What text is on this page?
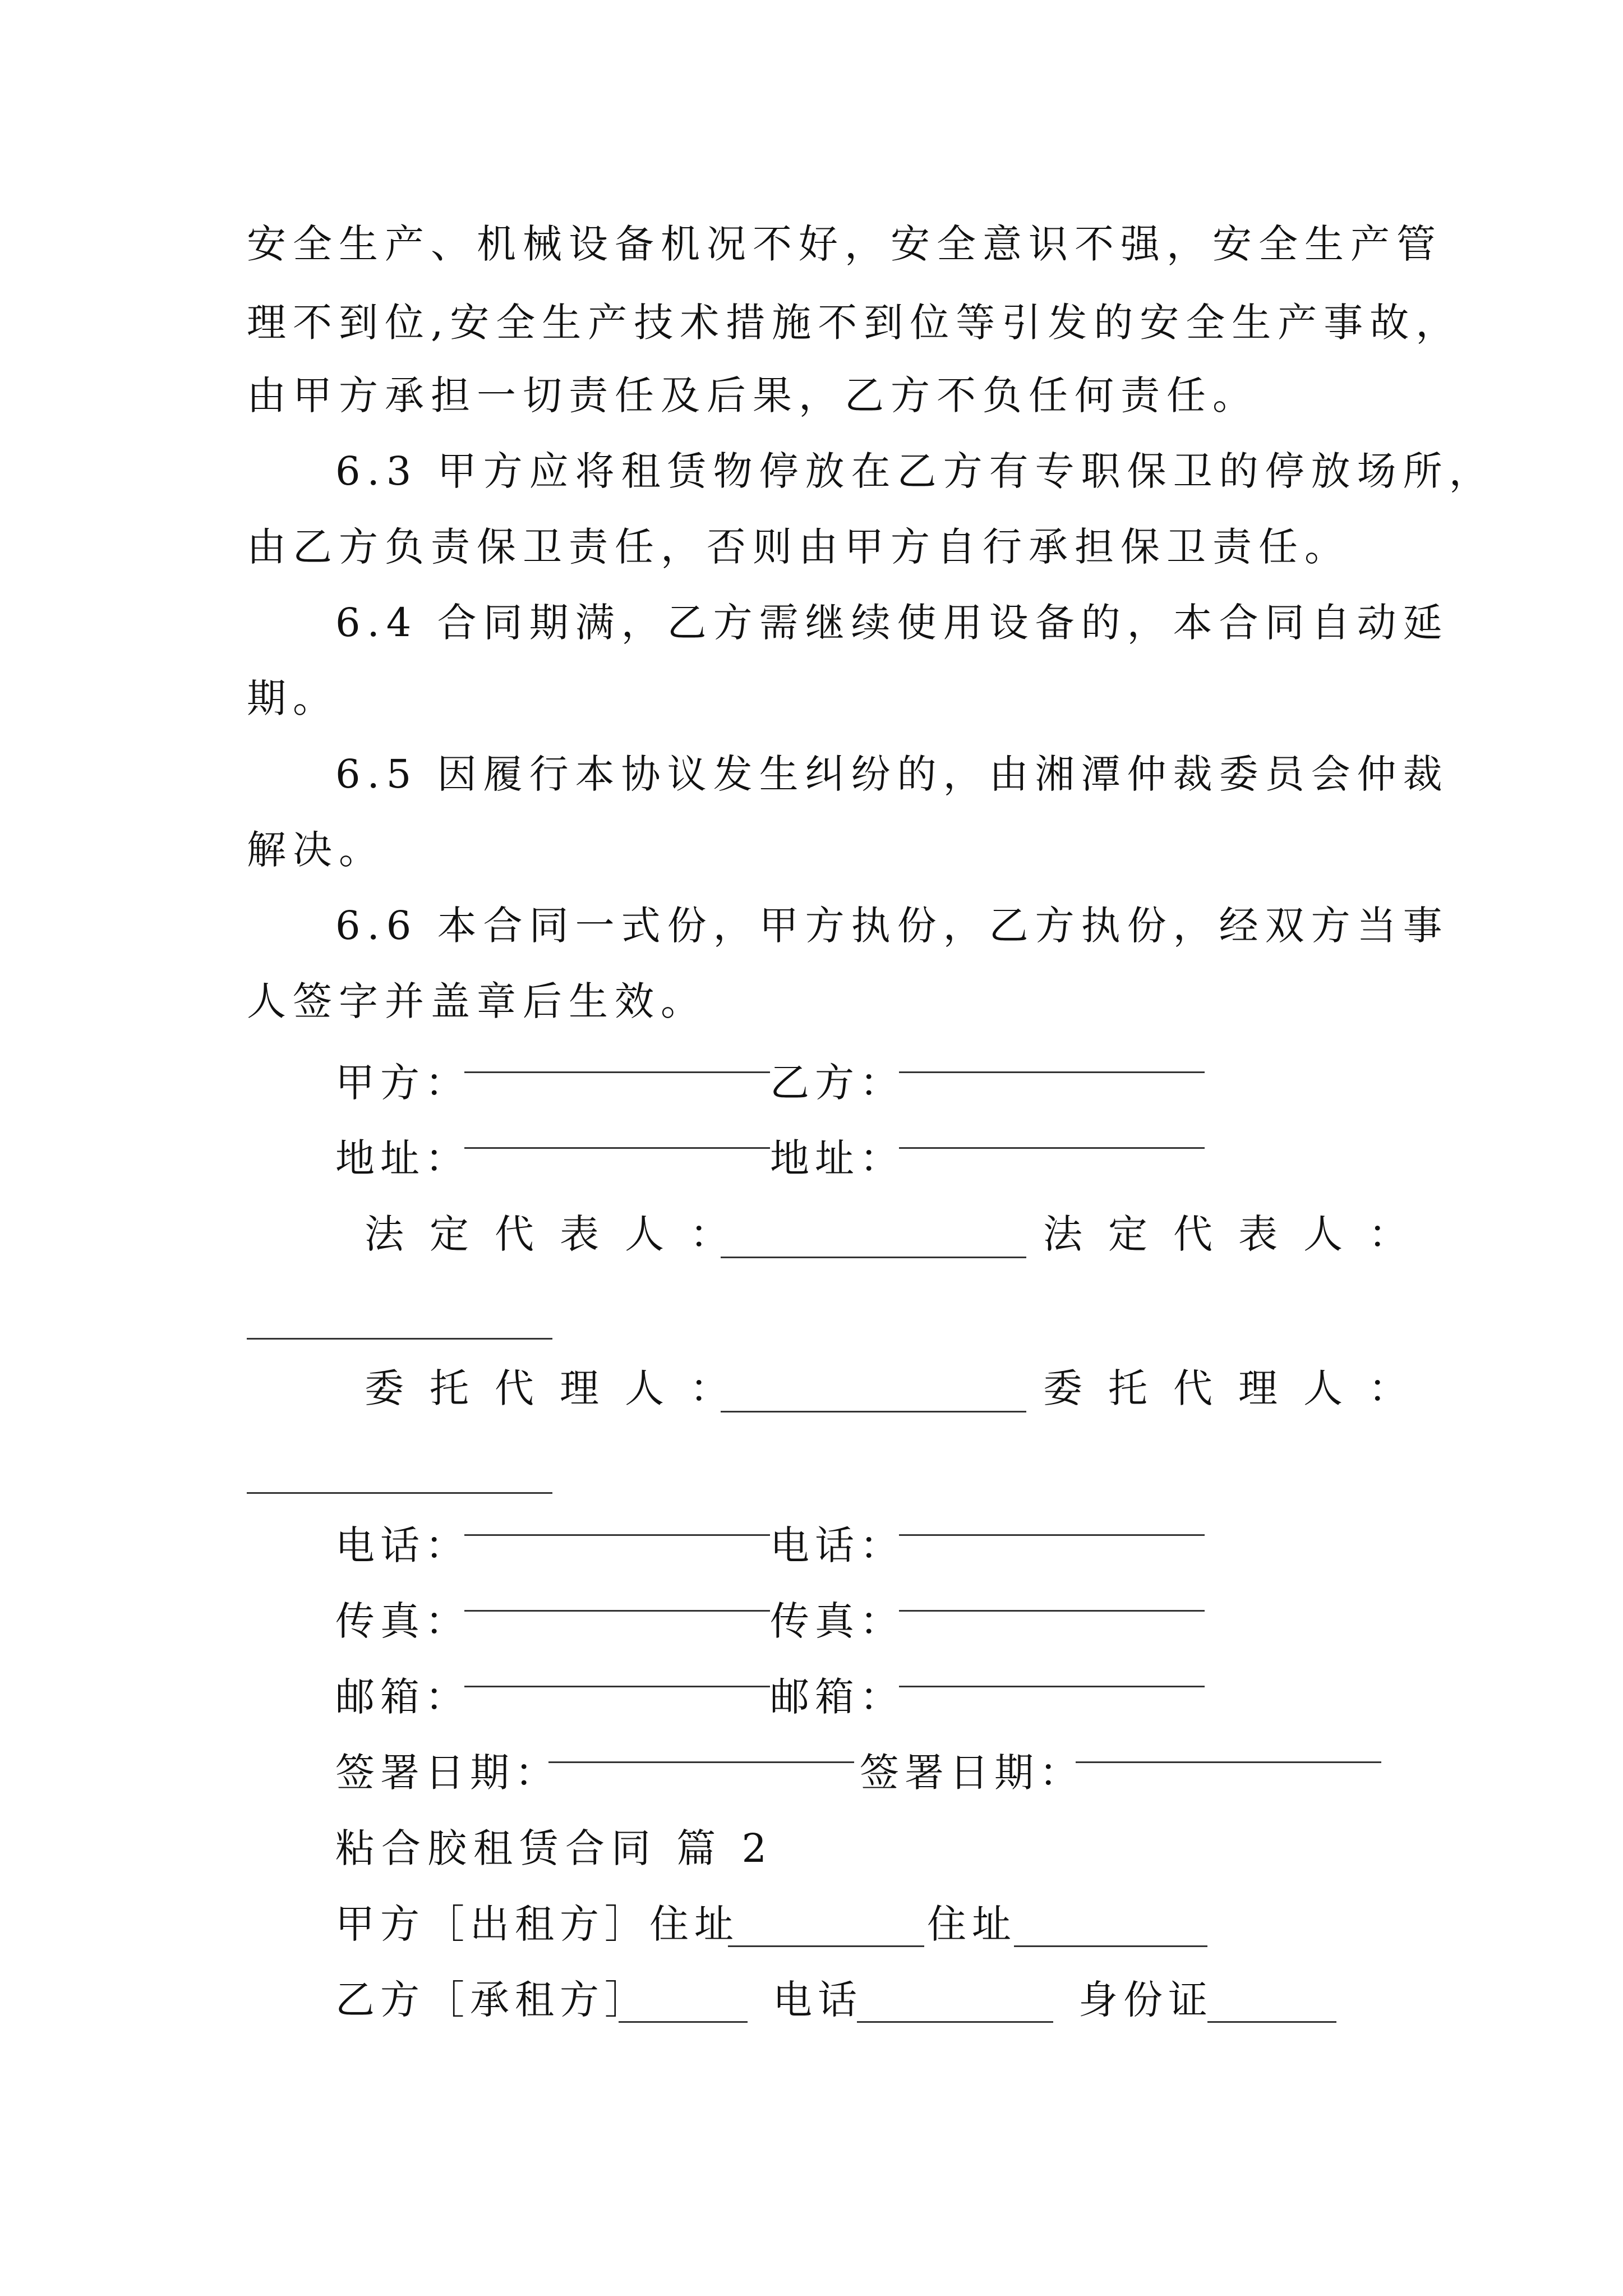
安全生产、机械设备机况不好，安全意识不强，安全生产管
理不到位,安全生产技术措施不到位等引发的安全生产事故，
由甲方承担一切责任及后果，乙方不负任何责任。
6.3 甲方应将租赁物停放在乙方有专职保卫的停放场所，
由乙方负责保卫责任，否则由甲方自行承担保卫责任。
6.4 合同期满，乙方需继续使用设备的，本合同自动延
期。
6.5 因履行本协议发生纠纷的，由湘潭仲裁委员会仲裁
解决。
6.6 本合同一式份，甲方执份，乙方执份，经双方当事
人签字并盖章后生效。
甲方：	乙方：
地址：	地址：
法定代表人：	法定代表人：
委托代理人：	委托代理人：
电话：	电话：
传真：	传真：
邮箱：	邮箱：
签署日期：	签署日期：
粘合胶租赁合同 篇 2
甲方［出租方］住址	住址
乙方［承租方］	电话	身份证
